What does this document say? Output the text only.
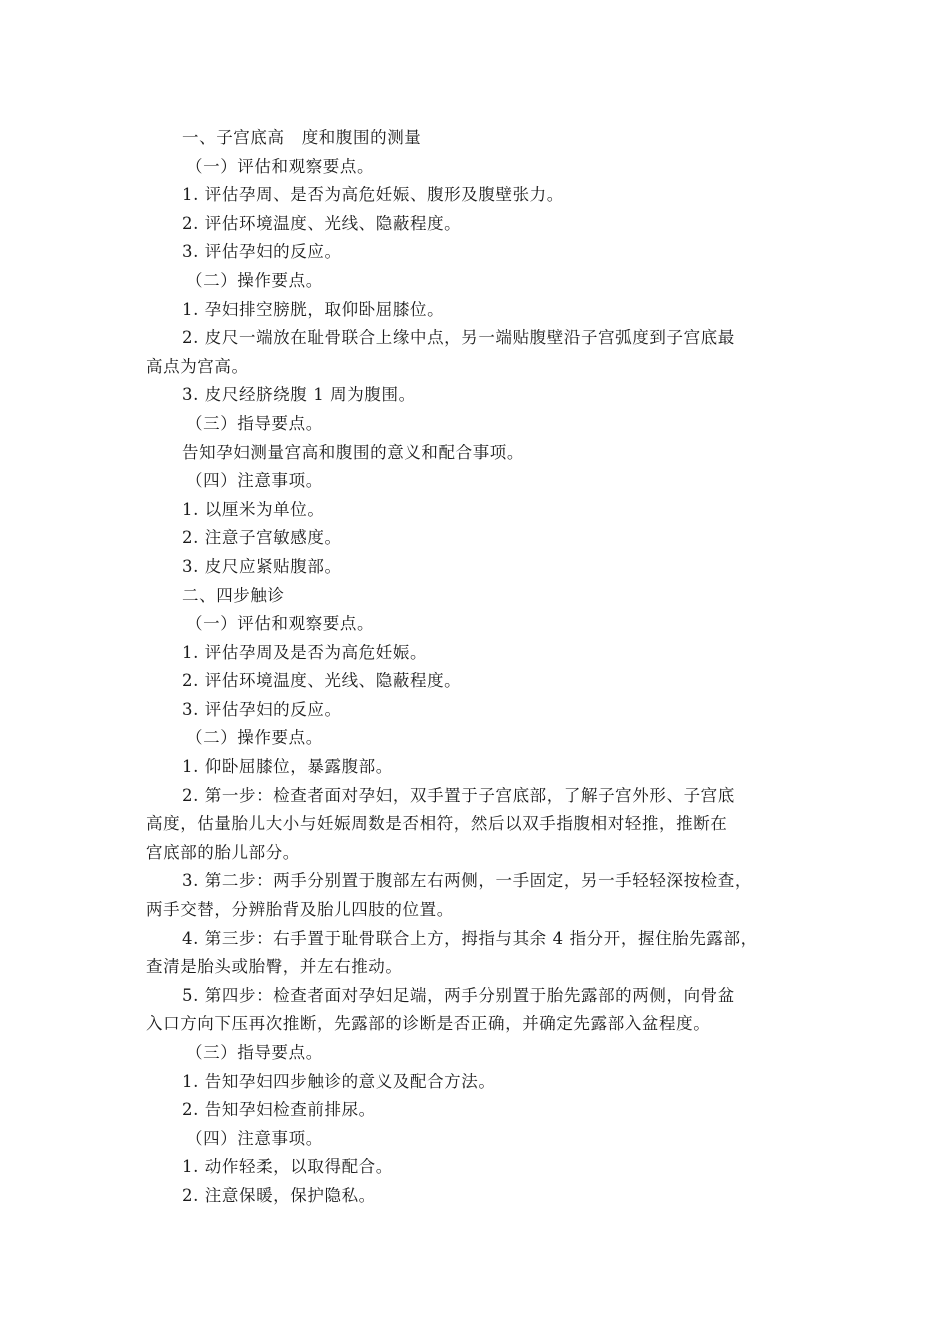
一、子宫底高　度和腹围的测量

（一）评估和观察要点。

1. 评估孕周、是否为高危妊娠、腹形及腹壁张力。

2. 评估环境温度、光线、隐蔽程度。

3. 评估孕妇的反应。

（二）操作要点。

1. 孕妇排空膀胱，取仰卧屈膝位。

2. 皮尺一端放在耻骨联合上缘中点，另一端贴腹壁沿子宫弧度到子宫底最

高点为宫高。

3. 皮尺经脐绕腹 1 周为腹围。

（三）指导要点。

告知孕妇测量宫高和腹围的意义和配合事项。

（四）注意事项。

1. 以厘米为单位。

2. 注意子宫敏感度。

3. 皮尺应紧贴腹部。

二、四步触诊

（一）评估和观察要点。

1. 评估孕周及是否为高危妊娠。

2. 评估环境温度、光线、隐蔽程度。

3. 评估孕妇的反应。

（二）操作要点。

1. 仰卧屈膝位，暴露腹部。

2. 第一步：检查者面对孕妇，双手置于子宫底部，了解子宫外形、子宫底

高度，估量胎儿大小与妊娠周数是否相符，然后以双手指腹相对轻推，推断在

宫底部的胎儿部分。

3. 第二步：两手分别置于腹部左右两侧，一手固定，另一手轻轻深按检查，

两手交替，分辨胎背及胎儿四肢的位置。

4. 第三步：右手置于耻骨联合上方，拇指与其余 4 指分开，握住胎先露部，

查清是胎头或胎臀，并左右推动。

5. 第四步：检查者面对孕妇足端，两手分别置于胎先露部的两侧，向骨盆

入口方向下压再次推断，先露部的诊断是否正确，并确定先露部入盆程度。

（三）指导要点。

1. 告知孕妇四步触诊的意义及配合方法。

2. 告知孕妇检查前排尿。

（四）注意事项。

1. 动作轻柔，以取得配合。

2. 注意保暖，保护隐私。
